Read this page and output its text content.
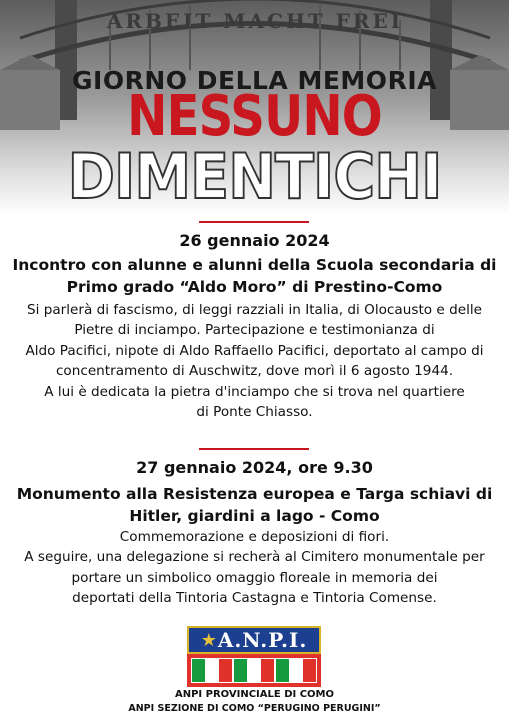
ARBEIT MACHT FREI
GIORNO DELLA MEMORIA
NESSUNO
DIMENTICHI
26 gennaio 2024
Incontro con alunne e alunni della Scuola secondaria di
Primo grado “Aldo Moro” di Prestino-Como
Si parlerà di fascismo, di leggi razziali in Italia, di Olocausto e delle
Pietre di inciampo. Partecipazione e testimonianza di
Aldo Pacifici, nipote di Aldo Raffaello Pacifici, deportato al campo di
concentramento di Auschwitz, dove morì il 6 agosto 1944.
A lui è dedicata la pietra d'inciampo che si trova nel quartiere
di Ponte Chiasso.
27 gennaio 2024, ore 9.30
Monumento alla Resistenza europea e Targa schiavi di
Hitler, giardini a lago - Como
Commemorazione e deposizioni di fiori.
A seguire, una delegazione si recherà al Cimitero monumentale per
portare un simbolico omaggio floreale in memoria dei
deportati della Tintoria Castagna e Tintoria Comense.
★ A.N.P.I.
ANPI PROVINCIALE DI COMO
ANPI SEZIONE DI COMO “PERUGINO PERUGINI”
